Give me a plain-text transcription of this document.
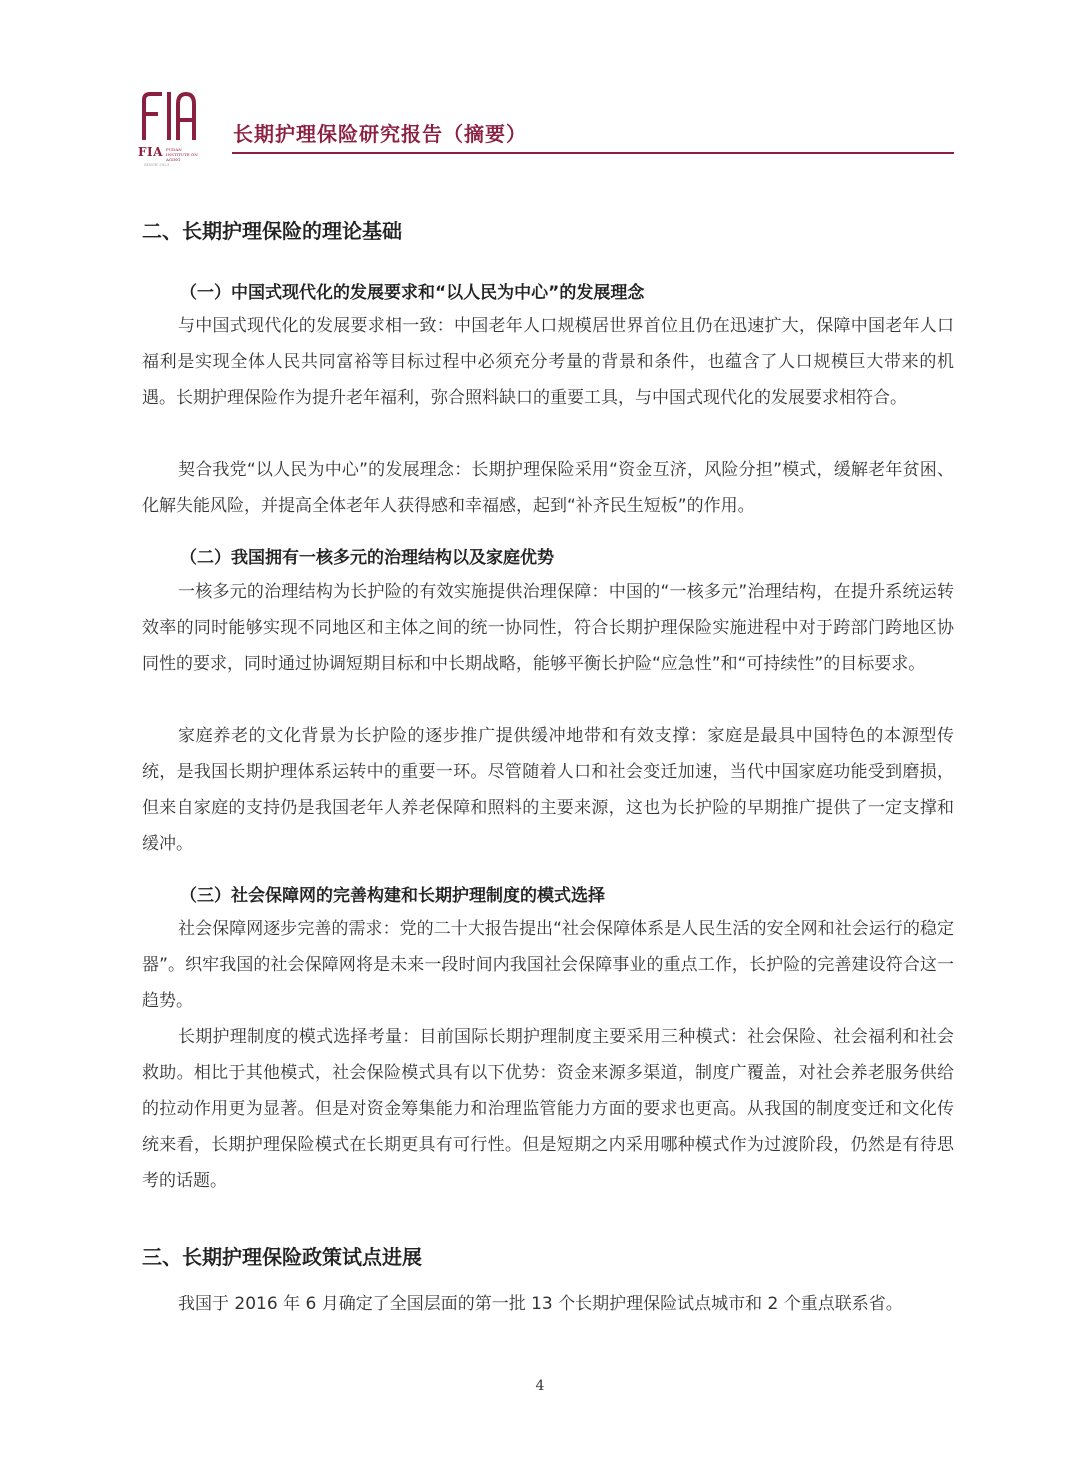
FIA FUDAN INSTITUTE ON AGING
SINCE 2023
长期护理保险研究报告（摘要）
二、长期护理保险的理论基础
（一）中国式现代化的发展要求和“以人民为中心”的发展理念
与中国式现代化的发展要求相一致：中国老年人口规模居世界首位且仍在迅速扩大，保障中国老年人口福利是实现全体人民共同富裕等目标过程中必须充分考量的背景和条件，也蕴含了人口规模巨大带来的机遇。长期护理保险作为提升老年福利，弥合照料缺口的重要工具，与中国式现代化的发展要求相符合。
契合我党“以人民为中心”的发展理念：长期护理保险采用“资金互济，风险分担”模式，缓解老年贫困、化解失能风险，并提高全体老年人获得感和幸福感，起到“补齐民生短板”的作用。
（二）我国拥有一核多元的治理结构以及家庭优势
一核多元的治理结构为长护险的有效实施提供治理保障：中国的“一核多元”治理结构，在提升系统运转效率的同时能够实现不同地区和主体之间的统一协同性，符合长期护理保险实施进程中对于跨部门跨地区协同性的要求，同时通过协调短期目标和中长期战略，能够平衡长护险“应急性”和“可持续性”的目标要求。
家庭养老的文化背景为长护险的逐步推广提供缓冲地带和有效支撑：家庭是最具中国特色的本源型传统，是我国长期护理体系运转中的重要一环。尽管随着人口和社会变迁加速，当代中国家庭功能受到磨损，但来自家庭的支持仍是我国老年人养老保障和照料的主要来源，这也为长护险的早期推广提供了一定支撑和缓冲。
（三）社会保障网的完善构建和长期护理制度的模式选择
社会保障网逐步完善的需求：党的二十大报告提出“社会保障体系是人民生活的安全网和社会运行的稳定器”。织牢我国的社会保障网将是未来一段时间内我国社会保障事业的重点工作，长护险的完善建设符合这一趋势。
长期护理制度的模式选择考量：目前国际长期护理制度主要采用三种模式：社会保险、社会福利和社会救助。相比于其他模式，社会保险模式具有以下优势：资金来源多渠道，制度广覆盖，对社会养老服务供给的拉动作用更为显著。但是对资金筹集能力和治理监管能力方面的要求也更高。从我国的制度变迁和文化传统来看，长期护理保险模式在长期更具有可行性。但是短期之内采用哪种模式作为过渡阶段，仍然是有待思考的话题。
三、长期护理保险政策试点进展
我国于 2016 年 6 月确定了全国层面的第一批 13 个长期护理保险试点城市和 2 个重点联系省。
4
